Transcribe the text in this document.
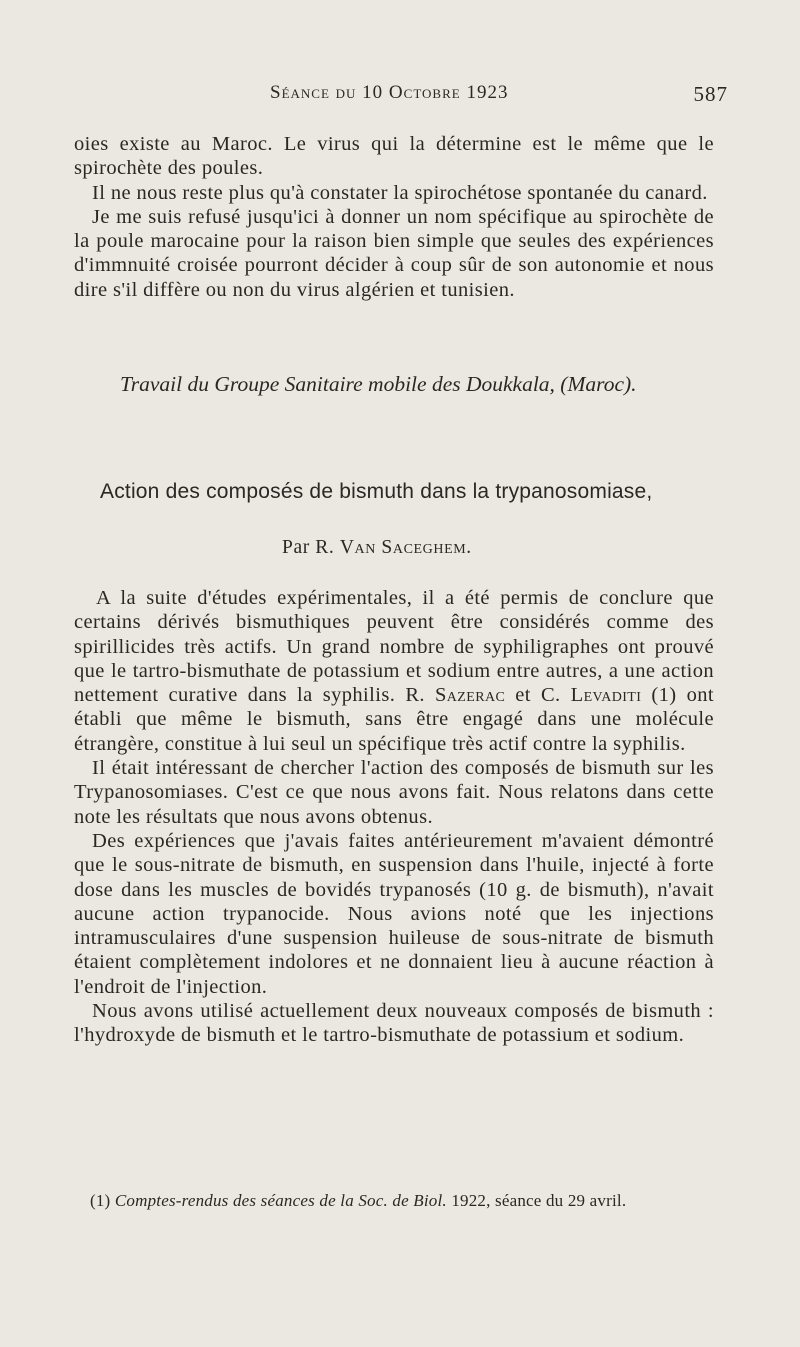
Séance du 10 Octobre 1923	587

oies existe au Maroc. Le virus qui la détermine est le même que le spirochète des poules.

Il ne nous reste plus qu'à constater la spirochétose spontanée du canard.

Je me suis refusé jusqu'ici à donner un nom spécifique au spirochète de la poule marocaine pour la raison bien simple que seules des expériences d'immnuité croisée pourront décider à coup sûr de son autonomie et nous dire s'il diffère ou non du virus algérien et tunisien.

Travail du Groupe Sanitaire mobile des Doukkala, (Maroc).
Action des composés de bismuth dans la trypanosomiase,
Par R. Van Saceghem.

A la suite d'études expérimentales, il a été permis de conclure que certains dérivés bismuthiques peuvent être considérés comme des spirillicides très actifs. Un grand nombre de syphiligraphes ont prouvé que le tartro-bismuthate de potassium et sodium entre autres, a une action nettement curative dans la syphilis. R. Sazerac et C. Levaditi (1) ont établi que même le bismuth, sans être engagé dans une molécule étrangère, constitue à lui seul un spécifique très actif contre la syphilis.

Il était intéressant de chercher l'action des composés de bismuth sur les Trypanosomiases. C'est ce que nous avons fait. Nous relatons dans cette note les résultats que nous avons obtenus.

Des expériences que j'avais faites antérieurement m'avaient démontré que le sous-nitrate de bismuth, en suspension dans l'huile, injecté à forte dose dans les muscles de bovidés trypanosés (10 g. de bismuth), n'avait aucune action trypanocide. Nous avions noté que les injections intramusculaires d'une suspension huileuse de sous-nitrate de bismuth étaient complètement indolores et ne donnaient lieu à aucune réaction à l'endroit de l'injection.

Nous avons utilisé actuellement deux nouveaux composés de bismuth : l'hydroxyde de bismuth et le tartro-bismuthate de potassium et sodium.

(1) Comptes-rendus des séances de la Soc. de Biol. 1922, séance du 29 avril.
